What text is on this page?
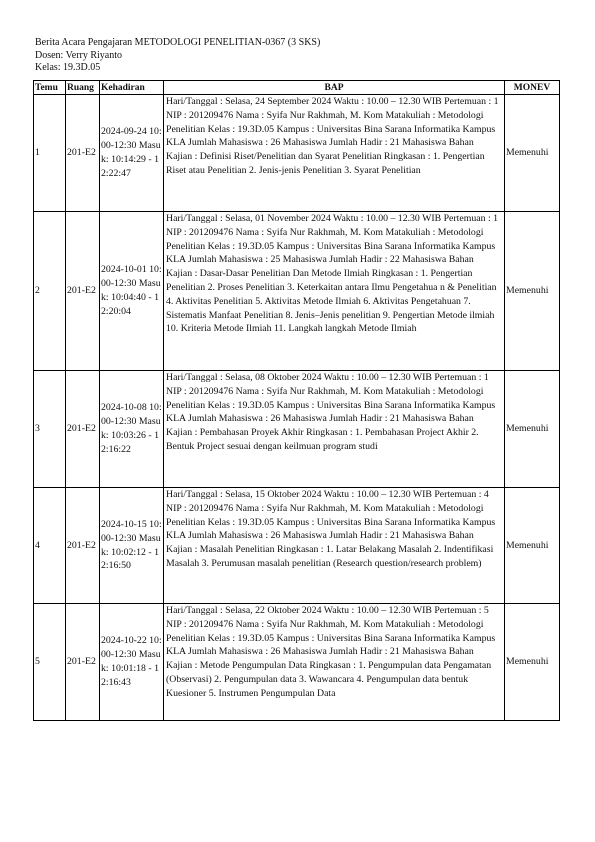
Berita Acara Pengajaran METODOLOGI PENELITIAN-0367 (3 SKS)
Dosen: Verry Riyanto
Kelas: 19.3D.05
Temu	Ruang	Kehadiran	BAP	MONEV
1	201-E2	2024-09-24 10:00-12:30 Masuk: 10:14:29 - 12:22:47	Hari/Tanggal : Selasa, 24 September 2024 Waktu : 10.00 – 12.30 WIB Pertemuan : 1 NIP : 201209476 Nama : Syifa Nur Rakhmah, M. Kom Matakuliah : Metodologi Penelitian Kelas : 19.3D.05 Kampus : Universitas Bina Sarana Informatika Kampus KLA Jumlah Mahasiswa : 26 Mahasiswa Jumlah Hadir : 21 Mahasiswa Bahan Kajian : Definisi Riset/Penelitian dan Syarat Penelitian Ringkasan : 1. Pengertian Riset atau Penelitian 2. Jenis-jenis Penelitian 3. Syarat Penelitian	Memenuhi
2	201-E2	2024-10-01 10:00-12:30 Masuk: 10:04:40 - 12:20:04	Hari/Tanggal : Selasa, 01 November 2024 Waktu : 10.00 – 12.30 WIB Pertemuan : 1 NIP : 201209476 Nama : Syifa Nur Rakhmah, M. Kom Matakuliah : Metodologi Penelitian Kelas : 19.3D.05 Kampus : Universitas Bina Sarana Informatika Kampus KLA Jumlah Mahasiswa : 25 Mahasiswa Jumlah Hadir : 22 Mahasiswa Bahan Kajian : Dasar-Dasar Penelitian Dan Metode Ilmiah Ringkasan : 1. Pengertian Penelitian 2. Proses Penelitian 3. Keterkaitan antara Ilmu Pengetahua n & Penelitian 4. Aktivitas Penelitian 5. Aktivitas Metode Ilmiah 6. Aktivitas Pengetahuan 7. Sistematis Manfaat Penelitian 8. Jenis–Jenis penelitian 9. Pengertian Metode ilmiah 10. Kriteria Metode Ilmiah 11. Langkah langkah Metode Ilmiah	Memenuhi
3	201-E2	2024-10-08 10:00-12:30 Masuk: 10:03:26 - 12:16:22	Hari/Tanggal : Selasa, 08 Oktober 2024 Waktu : 10.00 – 12.30 WIB Pertemuan : 1 NIP : 201209476 Nama : Syifa Nur Rakhmah, M. Kom Matakuliah : Metodologi Penelitian Kelas : 19.3D.05 Kampus : Universitas Bina Sarana Informatika Kampus KLA Jumlah Mahasiswa : 26 Mahasiswa Jumlah Hadir : 21 Mahasiswa Bahan Kajian : Pembahasan Proyek Akhir Ringkasan : 1. Pembahasan Project Akhir 2. Bentuk Project sesuai dengan keilmuan program studi	Memenuhi
4	201-E2	2024-10-15 10:00-12:30 Masuk: 10:02:12 - 12:16:50	Hari/Tanggal : Selasa, 15 Oktober 2024 Waktu : 10.00 – 12.30 WIB Pertemuan : 4 NIP : 201209476 Nama : Syifa Nur Rakhmah, M. Kom Matakuliah : Metodologi Penelitian Kelas : 19.3D.05 Kampus : Universitas Bina Sarana Informatika Kampus KLA Jumlah Mahasiswa : 26 Mahasiswa Jumlah Hadir : 21 Mahasiswa Bahan Kajian : Masalah Penelitian Ringkasan : 1. Latar Belakang Masalah 2. Indentifikasi Masalah 3. Perumusan masalah penelitian (Research question/research problem)	Memenuhi
5	201-E2	2024-10-22 10:00-12:30 Masuk: 10:01:18 - 12:16:43	Hari/Tanggal : Selasa, 22 Oktober 2024 Waktu : 10.00 – 12.30 WIB Pertemuan : 5 NIP : 201209476 Nama : Syifa Nur Rakhmah, M. Kom Matakuliah : Metodologi Penelitian Kelas : 19.3D.05 Kampus : Universitas Bina Sarana Informatika Kampus KLA Jumlah Mahasiswa : 26 Mahasiswa Jumlah Hadir : 21 Mahasiswa Bahan Kajian : Metode Pengumpulan Data Ringkasan : 1. Pengumpulan data Pengamatan (Observasi) 2. Pengumpulan data 3. Wawancara 4. Pengumpulan data bentuk Kuesioner 5. Instrumen Pengumpulan Data	Memenuhi
